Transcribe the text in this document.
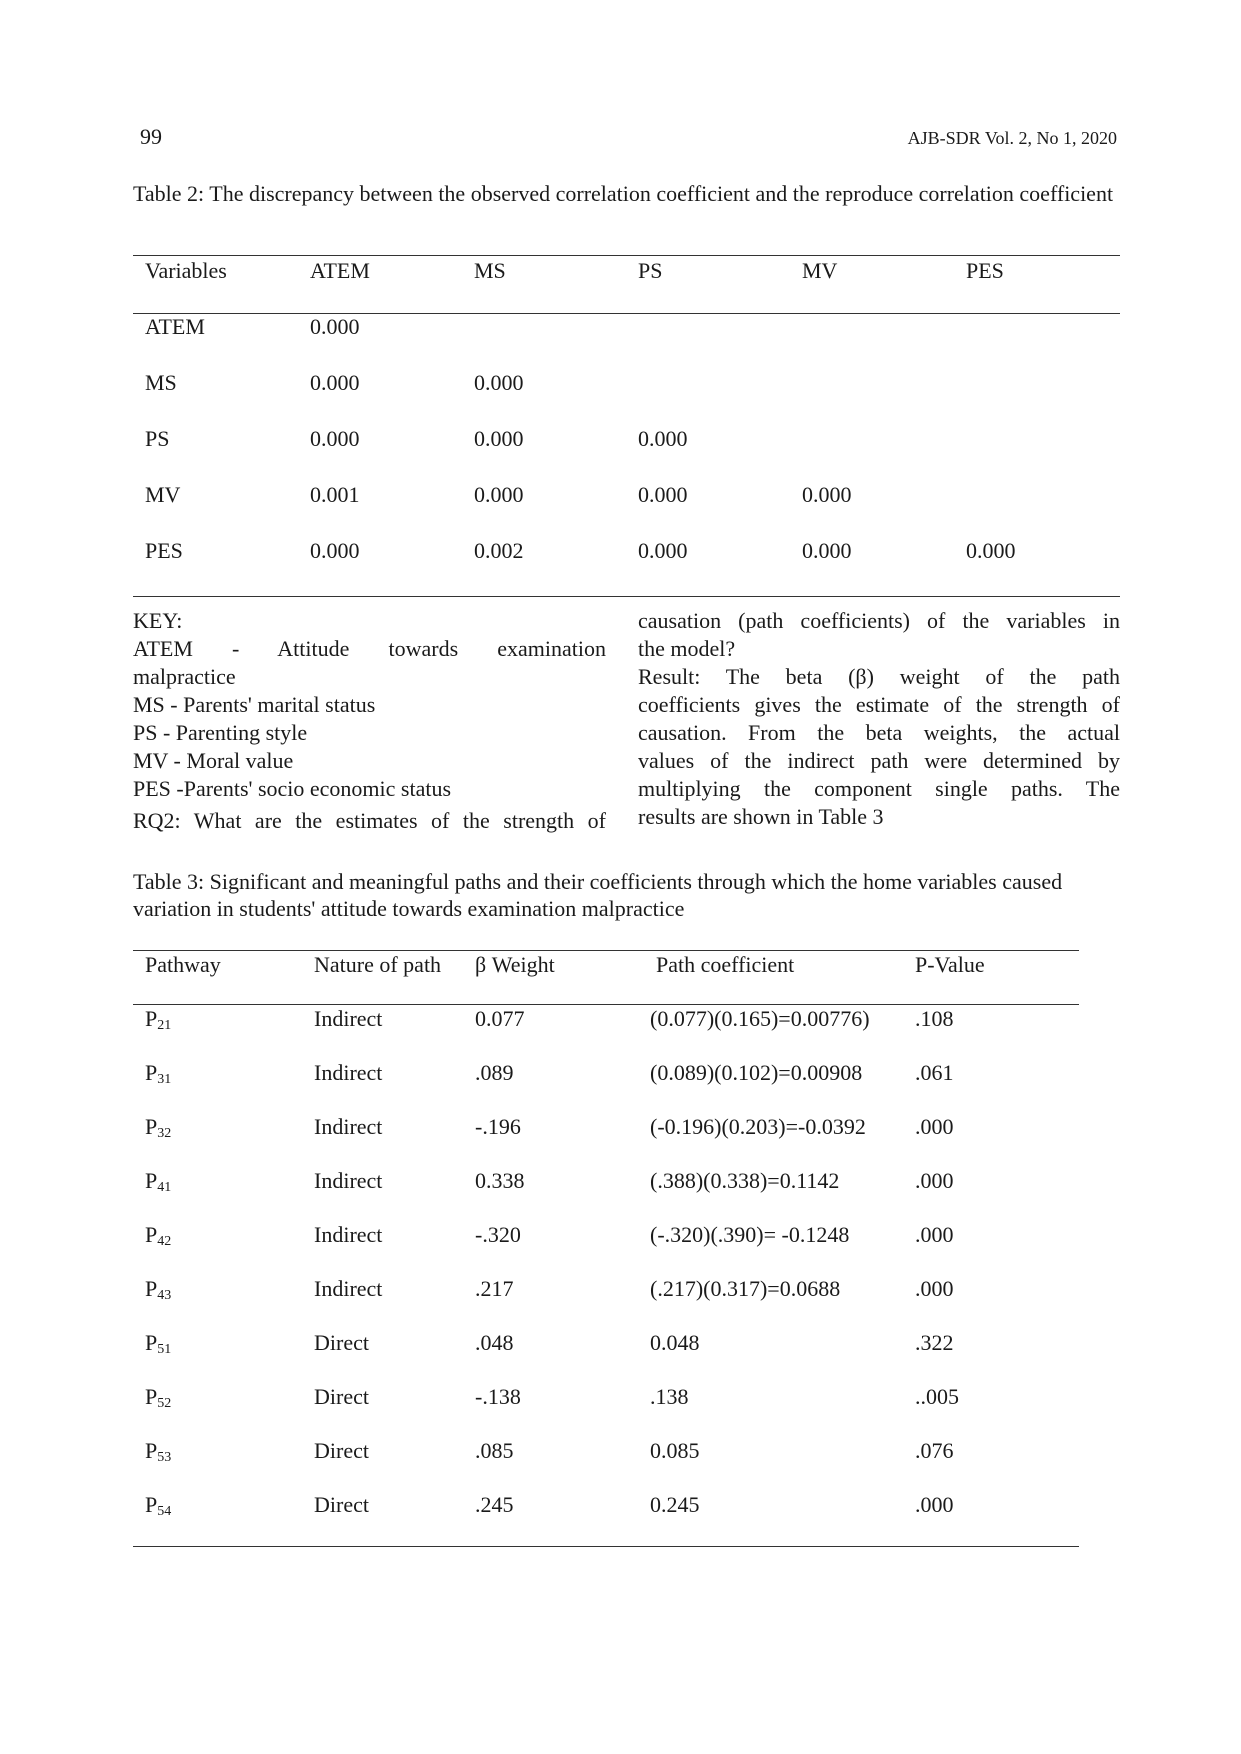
99	AJB-SDR Vol. 2, No 1, 2020
Table 2: The discrepancy between the observed correlation coefficient and the reproduce correlation coefficient
Variables	ATEM	MS	PS	MV	PES
ATEM	0.000				
MS	0.000	0.000			
PS	0.000	0.000	0.000		
MV	0.001	0.000	0.000	0.000	
PES	0.000	0.002	0.000	0.000	0.000
KEY:
ATEM - Attitude towards examination
malpractice
MS - Parents' marital status
PS - Parenting style
MV - Moral value
PES -Parents' socio economic status
RQ2: What are the estimates of the strength of
causation (path coefficients) of the variables in
the model?
Result: The beta (β) weight of the path
coefficients gives the estimate of the strength of
causation. From the beta weights, the actual
values of the indirect path were determined by
multiplying the component single paths. The
results are shown in Table 3
Table 3: Significant and meaningful paths and their coefficients through which the home variables caused variation in students' attitude towards examination malpractice
Pathway	Nature of path	β Weight	Path coefficient	P-Value
$P_{21}$	Indirect	0.077	(0.077)(0.165)=0.00776)	.108
$P_{31}$	Indirect	.089	(0.089)(0.102)=0.00908	.061
$P_{32}$	Indirect	-.196	(-0.196)(0.203)=-0.0392	.000
$P_{41}$	Indirect	0.338	(.388)(0.338)=0.1142	.000
$P_{42}$	Indirect	-.320	(-.320)(.390)= -0.1248	.000
$P_{43}$	Indirect	.217	(.217)(0.317)=0.0688	.000
$P_{51}$	Direct	.048	0.048	.322
$P_{52}$	Direct	-.138	.138	..005
$P_{53}$	Direct	.085	0.085	.076
$P_{54}$	Direct	.245	0.245	.000
